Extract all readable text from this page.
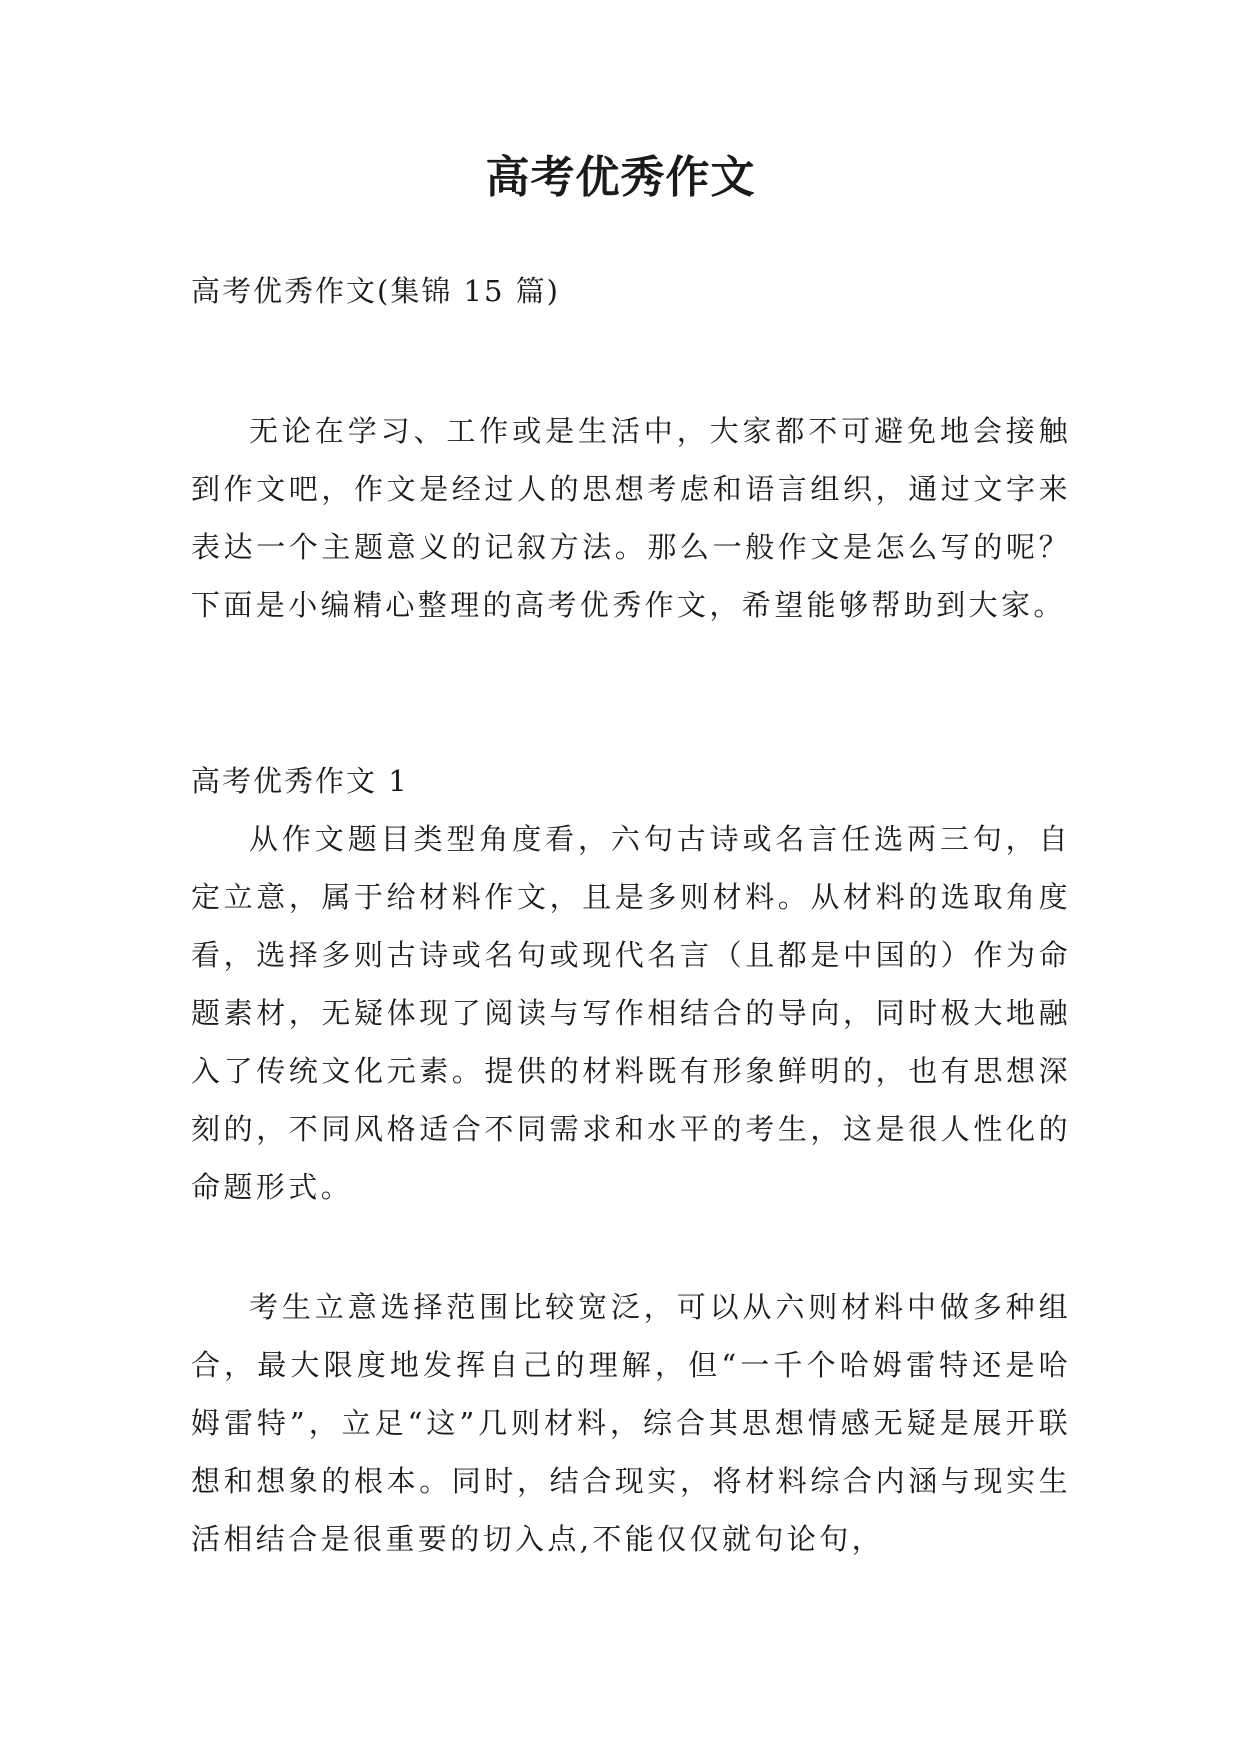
高考优秀作文

高考优秀作文(集锦 15 篇)

无论在学习、工作或是生活中，大家都不可避免地会接触到作文吧，作文是经过人的思想考虑和语言组织，通过文字来表达一个主题意义的记叙方法。那么一般作文是怎么写的呢？下面是小编精心整理的高考优秀作文，希望能够帮助到大家。

高考优秀作文 1

从作文题目类型角度看，六句古诗或名言任选两三句，自定立意，属于给材料作文，且是多则材料。从材料的选取角度看，选择多则古诗或名句或现代名言（且都是中国的）作为命题素材，无疑体现了阅读与写作相结合的导向，同时极大地融入了传统文化元素。提供的材料既有形象鲜明的，也有思想深刻的，不同风格适合不同需求和水平的考生，这是很人性化的命题形式。

考生立意选择范围比较宽泛，可以从六则材料中做多种组合，最大限度地发挥自己的理解，但“一千个哈姆雷特还是哈姆雷特”，立足“这”几则材料，综合其思想情感无疑是展开联想和想象的根本。同时，结合现实，将材料综合内涵与现实生活相结合是很重要的切入点,不能仅仅就句论句，
